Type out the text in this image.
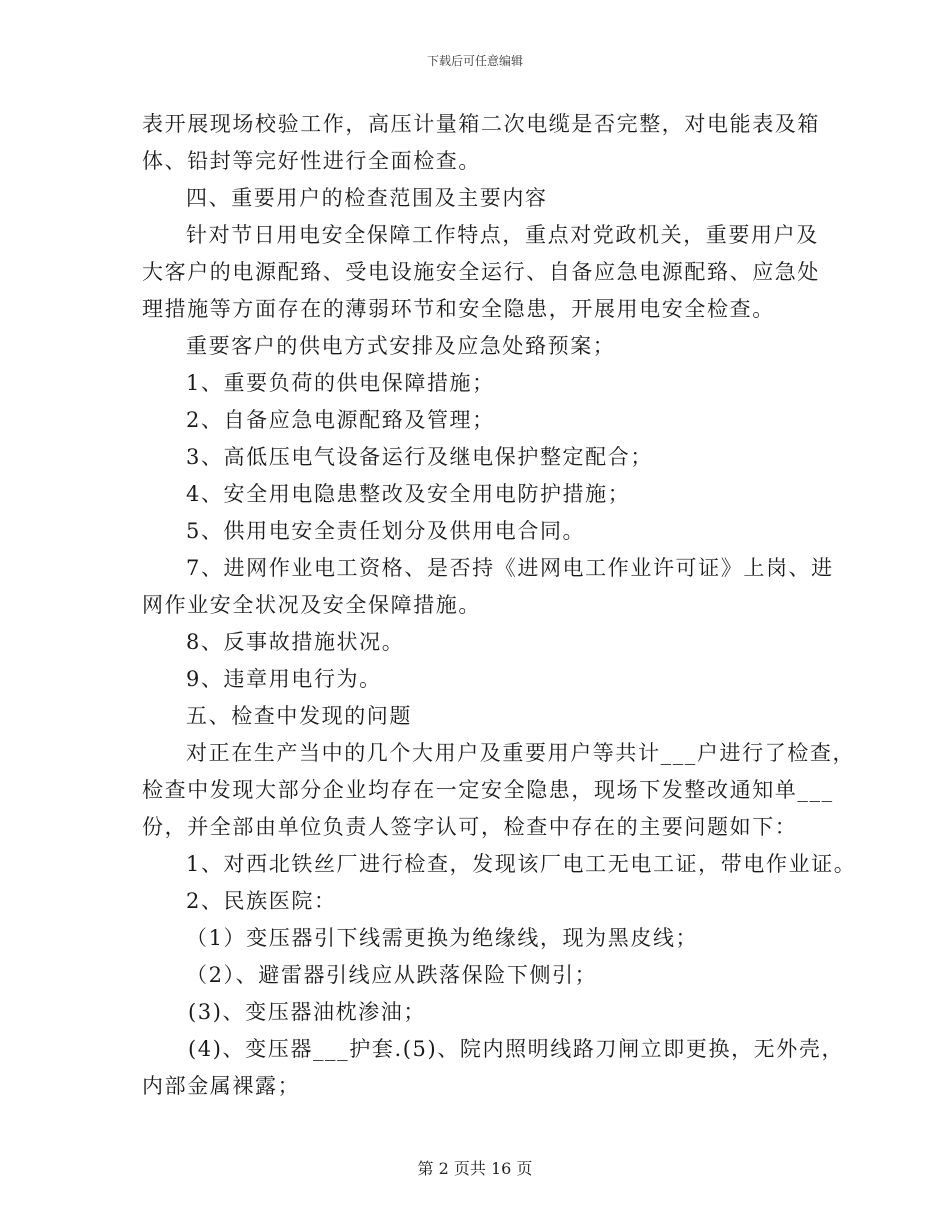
下载后可任意编辑
表开展现场校验工作，高压计量箱二次电缆是否完整，对电能表及箱
体、铅封等完好性进行全面检查。
四、重要用户的检查范围及主要内容
针对节日用电安全保障工作特点，重点对党政机关，重要用户及
大客户的电源配臵、受电设施安全运行、自备应急电源配臵、应急处
理措施等方面存在的薄弱环节和安全隐患，开展用电安全检查。
重要客户的供电方式安排及应急处臵预案；
1、重要负荷的供电保障措施；
2、自备应急电源配臵及管理；
3、高低压电气设备运行及继电保护整定配合；
4、安全用电隐患整改及安全用电防护措施；
5、供用电安全责任划分及供用电合同。
7、进网作业电工资格、是否持《进网电工作业许可证》上岗、进
网作业安全状况及安全保障措施。
8、反事故措施状况。
9、违章用电行为。
五、检查中发现的问题
对正在生产当中的几个大用户及重要用户等共计___户进行了检查，
检查中发现大部分企业均存在一定安全隐患，现场下发整改通知单___
份，并全部由单位负责人签字认可，检查中存在的主要问题如下：
1、对西北铁丝厂进行检查，发现该厂电工无电工证，带电作业证。
2、民族医院：
（1）变压器引下线需更换为绝缘线，现为黑皮线；
（2）、避雷器引线应从跌落保险下侧引；
(3)、变压器油枕渗油；
(4)、变压器___护套.(5)、院内照明线路刀闸立即更换，无外壳，
内部金属裸露；
第 2 页共 16 页
